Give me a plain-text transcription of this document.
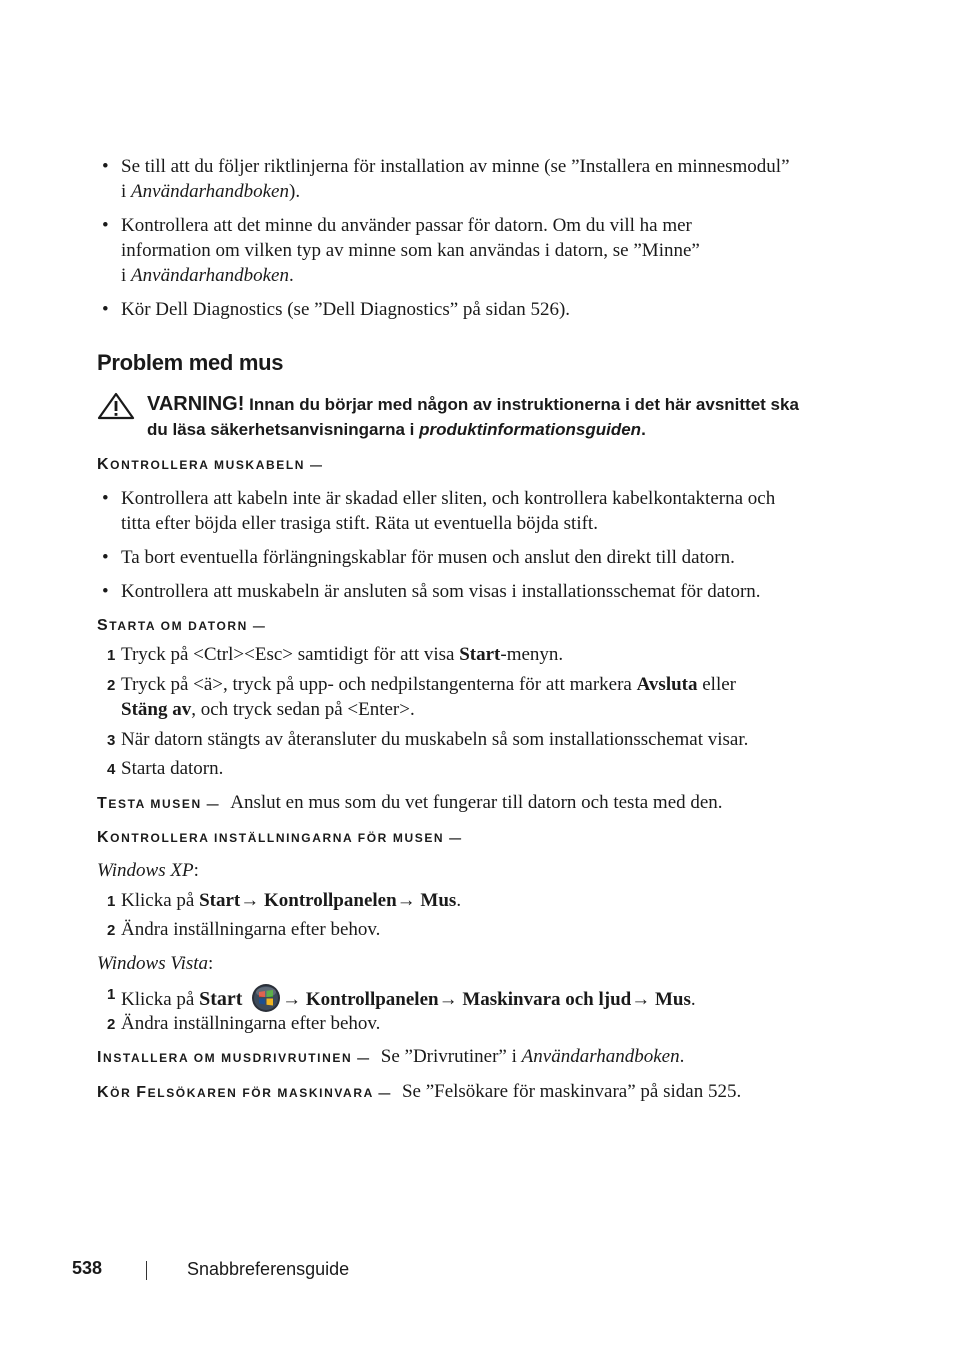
• Se till att du följer riktlinjerna för installation av minne (se ”Installera en minnesmodul”
i Användarhandboken).
• Kontrollera att det minne du använder passar för datorn. Om du vill ha mer
information om vilken typ av minne som kan användas i datorn, se ”Minne”
i Användarhandboken.
• Kör Dell Diagnostics (se ”Dell Diagnostics” på sidan 526).
Problem med mus
VARNING! Innan du börjar med någon av instruktionerna i det här avsnittet ska
du läsa säkerhetsanvisningarna i produktinformationsguiden.
KONTROLLERA MUSKABELN —
• Kontrollera att kabeln inte är skadad eller sliten, och kontrollera kabelkontakterna och
titta efter böjda eller trasiga stift. Räta ut eventuella böjda stift.
• Ta bort eventuella förlängningskablar för musen och anslut den direkt till datorn.
• Kontrollera att muskabeln är ansluten så som visas i installationsschemat för datorn.
STARTA OM DATORN —
1 Tryck på <Ctrl><Esc> samtidigt för att visa Start-menyn.
2 Tryck på <ä>, tryck på upp- och nedpilstangenterna för att markera Avsluta eller
Stäng av, och tryck sedan på <Enter>.
3 När datorn stängts av återansluter du muskabeln så som installationsschemat visar.
4 Starta datorn.
TESTA MUSEN — Anslut en mus som du vet fungerar till datorn och testa med den.
KONTROLLERA INSTÄLLNINGARNA FÖR MUSEN —
Windows XP:
1 Klicka på Start→ Kontrollpanelen→ Mus.
2 Ändra inställningarna efter behov.
Windows Vista:
1 Klicka på Start → Kontrollpanelen→ Maskinvara och ljud→ Mus.
2 Ändra inställningarna efter behov.
INSTALLERA OM MUSDRIVRUTINEN — Se ”Drivrutiner” i Användarhandboken.
KÖR FELSÖKAREN FÖR MASKINVARA — Se ”Felsökare för maskinvara” på sidan 525.
538	Snabbreferensguide
